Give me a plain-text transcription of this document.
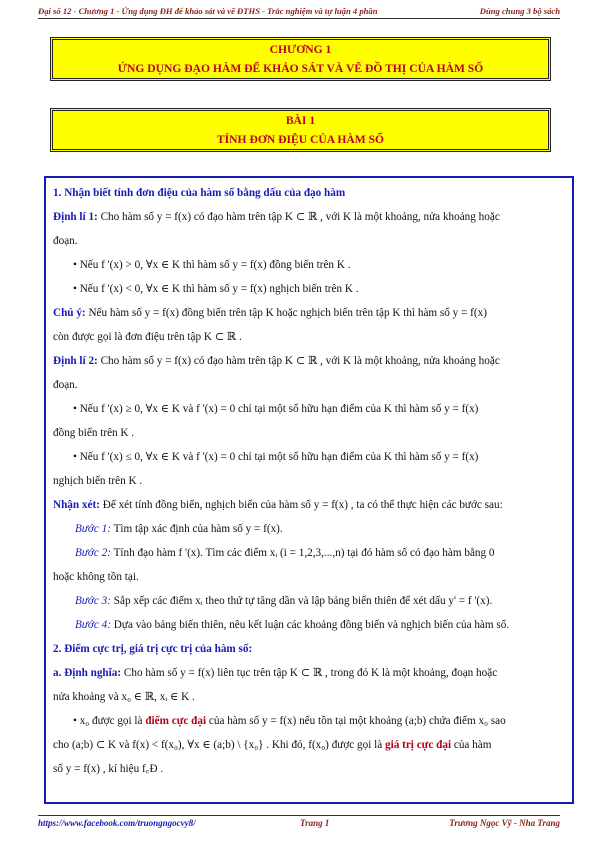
Đại số 12 - Chương 1 - Ứng dụng ĐH để khảo sát và vẽ ĐTHS - Trắc nghiệm và tự luận 4 phần	Dùng chung 3 bộ sách
CHƯƠNG 1
ỨNG DỤNG ĐẠO HÀM ĐỂ KHẢO SÁT VÀ VẼ ĐỒ THỊ CỦA HÀM SỐ
BÀI 1
TÍNH ĐƠN ĐIỆU CỦA HÀM SỐ
1. Nhận biết tính đơn điệu của hàm số bằng dấu của đạo hàm
Định lí 1: Cho hàm số y = f(x) có đạo hàm trên tập K ⊂ ℝ , với K là một khoảng, nửa khoảng hoặc
đoạn.
• Nếu f '(x) > 0, ∀x ∈ K thì hàm số y = f(x) đồng biến trên K .
• Nếu f '(x) < 0, ∀x ∈ K thì hàm số y = f(x) nghịch biến trên K .
Chú ý: Nếu hàm số y = f(x) đồng biến trên tập K hoặc nghịch biến trên tập K thì hàm số y = f(x)
còn được gọi là đơn điệu trên tập K ⊂ ℝ .
Định lí 2: Cho hàm số y = f(x) có đạo hàm trên tập K ⊂ ℝ , với K là một khoảng, nửa khoảng hoặc
đoạn.
• Nếu f '(x) ≥ 0, ∀x ∈ K và f '(x) = 0 chỉ tại một số hữu hạn điểm của K thì hàm số y = f(x)
đồng biến trên K .
• Nếu f '(x) ≤ 0, ∀x ∈ K và f '(x) = 0 chỉ tại một số hữu hạn điểm của K thì hàm số y = f(x)
nghịch biến trên K .
Nhận xét: Để xét tính đồng biến, nghịch biến của hàm số y = f(x) , ta có thể thực hiện các bước sau:
Bước 1: Tìm tập xác định của hàm số y = f(x).
Bước 2: Tính đạo hàm f '(x). Tìm các điểm xᵢ (i = 1,2,3,...,n) tại đó hàm số có đạo hàm bằng 0
hoặc không tồn tại.
Bước 3: Sắp xếp các điểm xᵢ theo thứ tự tăng dần và lập bảng biến thiên để xét dấu y' = f '(x).
Bước 4: Dựa vào bảng biến thiên, nêu kết luận các khoảng đồng biến và nghịch biến của hàm số.
2. Điểm cực trị, giá trị cực trị của hàm số:
a. Định nghĩa: Cho hàm số y = f(x) liên tục trên tập K ⊂ ℝ , trong đó K là một khoảng, đoạn hoặc
nửa khoảng và x₀ ∈ ℝ, xᵢ ∈ K .
• x₀ được gọi là điểm cực đại của hàm số y = f(x) nếu tồn tại một khoảng (a;b) chứa điểm x₀ sao
cho (a;b) ⊂ K và f(x) < f(x₀), ∀x ∈ (a;b) \ {x₀} . Khi đó, f(x₀) được gọi là giá trị cực đại của hàm
số y = f(x) , kí hiệu f꜀Đ .
https://www.facebook.com/truongngocvy8/	Trang 1	Trương Ngọc Vỹ - Nha Trang
